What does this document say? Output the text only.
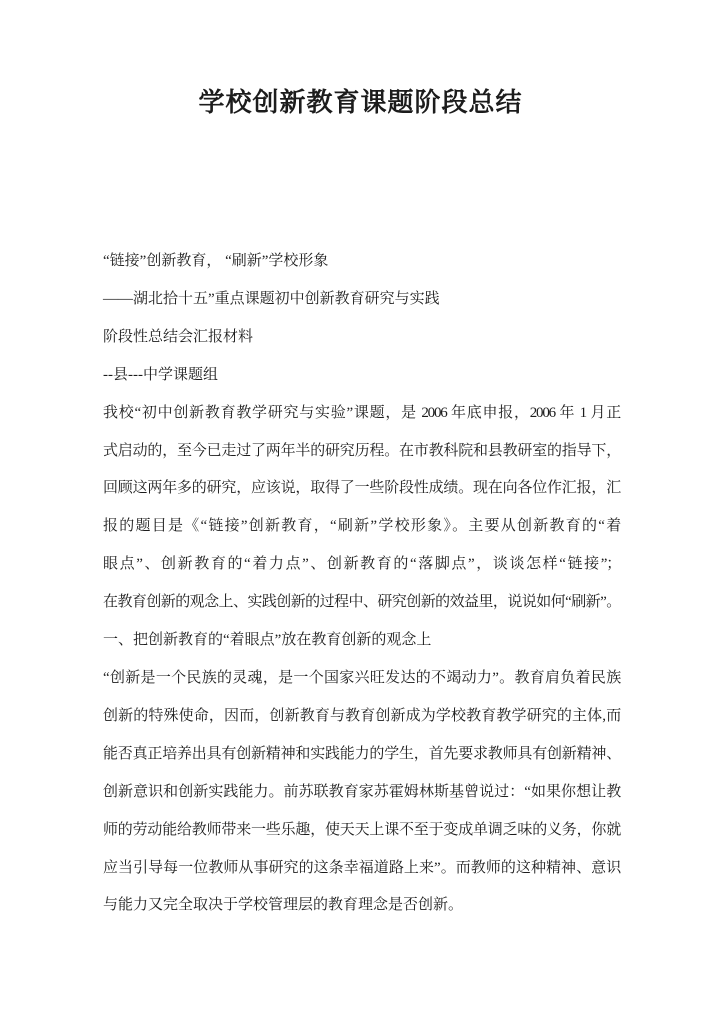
学校创新教育课题阶段总结
“链接”创新教育， “刷新”学校形象
——湖北拾十五”重点课题初中创新教育研究与实践
阶段性总结会汇报材料
--县---中学课题组
我校“初中创新教育教学研究与实验”课题，是 2006 年底申报，2006 年 1 月正
式启动的，至今已走过了两年半的研究历程。在市教科院和县教研室的指导下，
回顾这两年多的研究，应该说，取得了一些阶段性成绩。现在向各位作汇报，汇
报的题目是《“链接”创新教育，“刷新”学校形象》。主要从创新教育的“着
眼点”、创新教育的“着力点”、创新教育的“落脚点”，谈谈怎样“链接”；
在教育创新的观念上、实践创新的过程中、研究创新的效益里，说说如何“刷新”。
一、把创新教育的“着眼点”放在教育创新的观念上
“创新是一个民族的灵魂，是一个国家兴旺发达的不竭动力”。教育肩负着民族
创新的特殊使命，因而，创新教育与教育创新成为学校教育教学研究的主体,而
能否真正培养出具有创新精神和实践能力的学生，首先要求教师具有创新精神、
创新意识和创新实践能力。前苏联教育家苏霍姆林斯基曾说过：“如果你想让教
师的劳动能给教师带来一些乐趣，使天天上课不至于变成单调乏味的义务，你就
应当引导每一位教师从事研究的这条幸福道路上来”。而教师的这种精神、意识
与能力又完全取决于学校管理层的教育理念是否创新。
